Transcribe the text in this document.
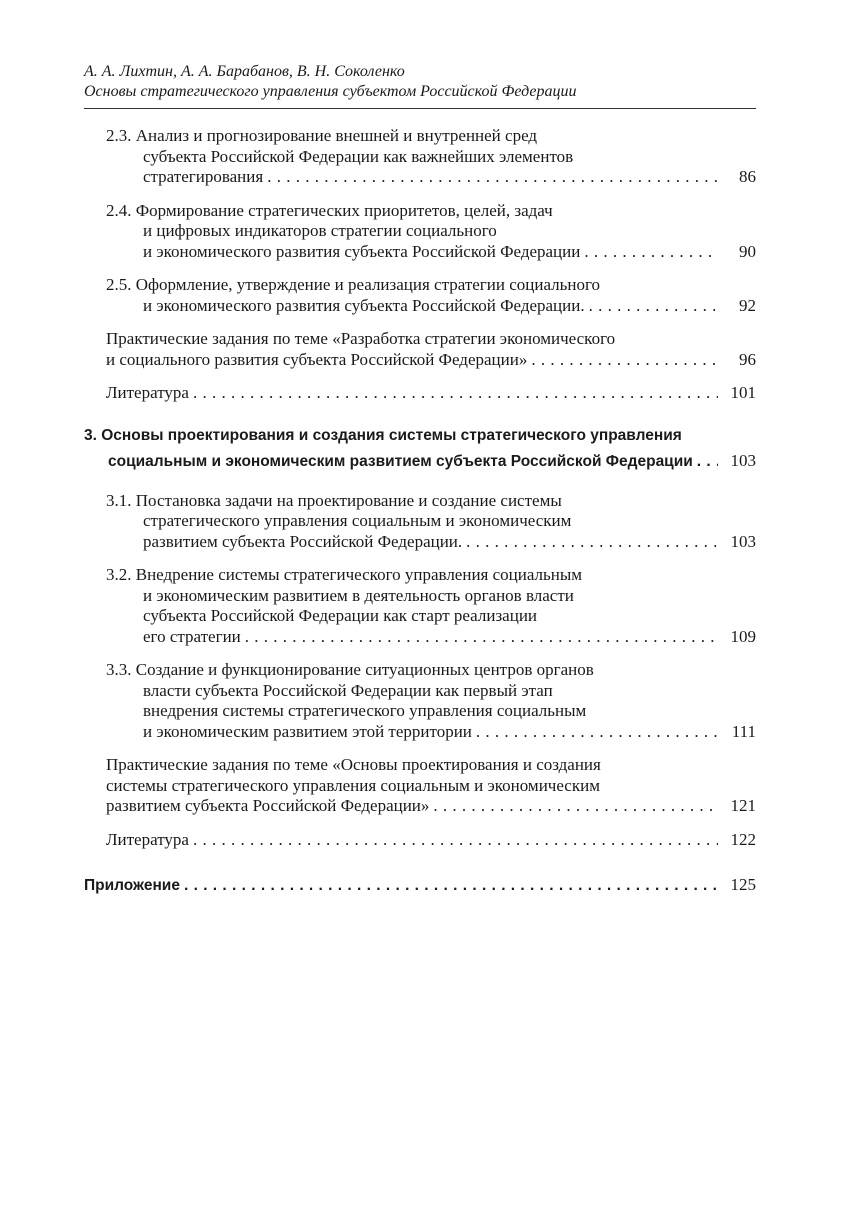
А. А. Лихтин, А. А. Барабанов, В. Н. Соколенко
Основы стратегического управления субъектом Российской Федерации
2.3. Анализ и прогнозирование внешней и внутренней сред
субъекта Российской Федерации как важнейших элементов
стратегирования . . .	86
2.4. Формирование стратегических приоритетов, целей, задач
и цифровых индикаторов стратегии социального
и экономического развития субъекта Российской Федерации . . .	90
2.5. Оформление, утверждение и реализация стратегии социального
и экономического развития субъекта Российской Федерации. . . .	92
Практические задания по теме «Разработка стратегии экономического
и социального развития субъекта Российской Федерации» . . .	96
Литература . . .	101
3. Основы проектирования и создания системы стратегического управления
социальным и экономическим развитием субъекта Российской Федерации . . .	103
3.1. Постановка задачи на проектирование и создание системы
стратегического управления социальным и экономическим
развитием субъекта Российской Федерации. . . .	103
3.2. Внедрение системы стратегического управления социальным
и экономическим развитием в деятельность органов власти
субъекта Российской Федерации как старт реализации
его стратегии . . .	109
3.3. Создание и функционирование ситуационных центров органов
власти субъекта Российской Федерации как первый этап
внедрения системы стратегического управления социальным
и экономическим развитием этой территории . . .	111
Практические задания по теме «Основы проектирования и создания
системы стратегического управления социальным и экономическим
развитием субъекта Российской Федерации» . . .	121
Литература . . .	122
Приложение . . .	125
